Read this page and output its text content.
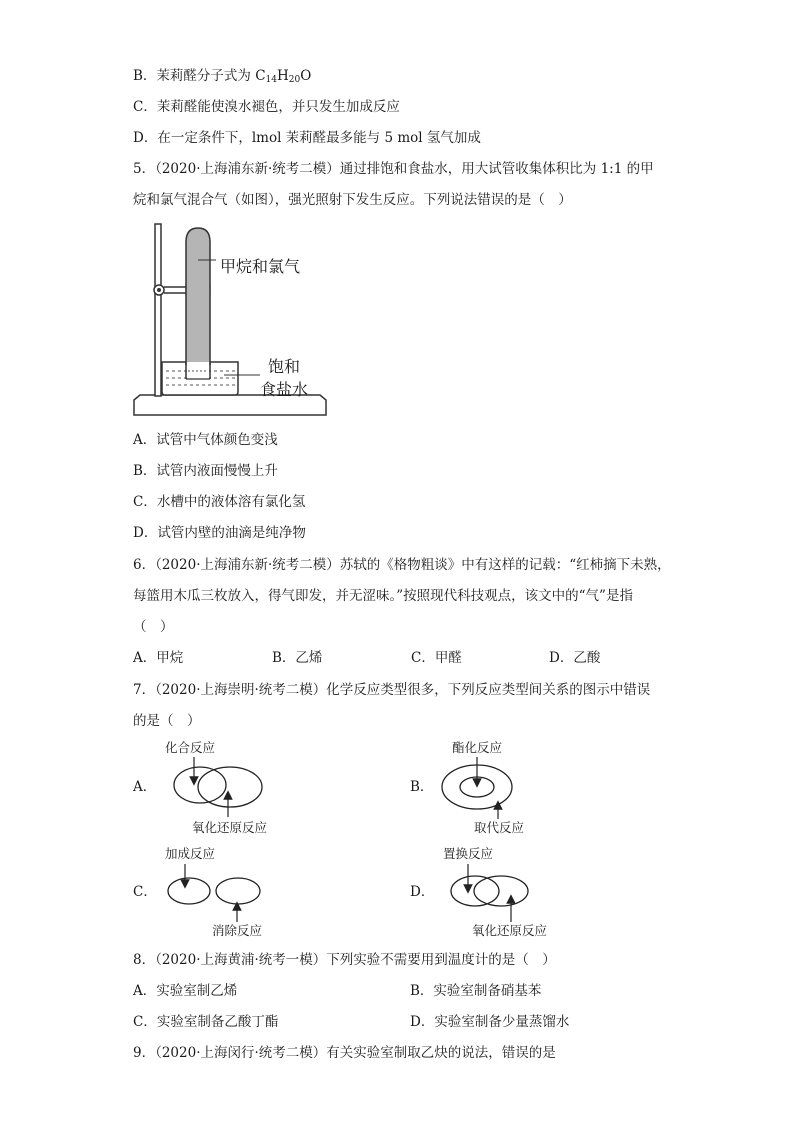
B．茉莉醛分子式为 $C_{14}H_{20}O$
C．茉莉醛能使溴水褪色，并只发生加成反应
D．在一定条件下，lmol 茉莉醛最多能与 5 mol 氢气加成
5．（2020·上海浦东新·统考二模）通过排饱和食盐水，用大试管收集体积比为 1:1 的甲
烷和氯气混合气（如图），强光照射下发生反应。下列说法错误的是（　）
甲烷和氯气
饱和
食盐水
A．试管中气体颜色变浅
B．试管内液面慢慢上升
C．水槽中的液体溶有氯化氢
D．试管内壁的油滴是纯净物
6．（2020·上海浦东新·统考二模）苏轼的《格物粗谈》中有这样的记载：“红柿摘下未熟，
每篮用木瓜三枚放入，得气即发，并无涩味。”按照现代科技观点，该文中的“气”是指
（　）
A．甲烷	B．乙烯	C．甲醛	D．乙酸
7．（2020·上海崇明·统考二模）化学反应类型很多，下列反应类型间关系的图示中错误
的是（　）
A．
化合反应
氧化还原反应
B．
酯化反应
取代反应
C．
加成反应
消除反应
D．
置换反应
氧化还原反应
8．（2020·上海黄浦·统考一模）下列实验不需要用到温度计的是（　）
A．实验室制乙烯	B．实验室制备硝基苯
C．实验室制备乙酸丁酯	D．实验室制备少量蒸馏水
9．（2020·上海闵行·统考二模）有关实验室制取乙炔的说法，错误的是
